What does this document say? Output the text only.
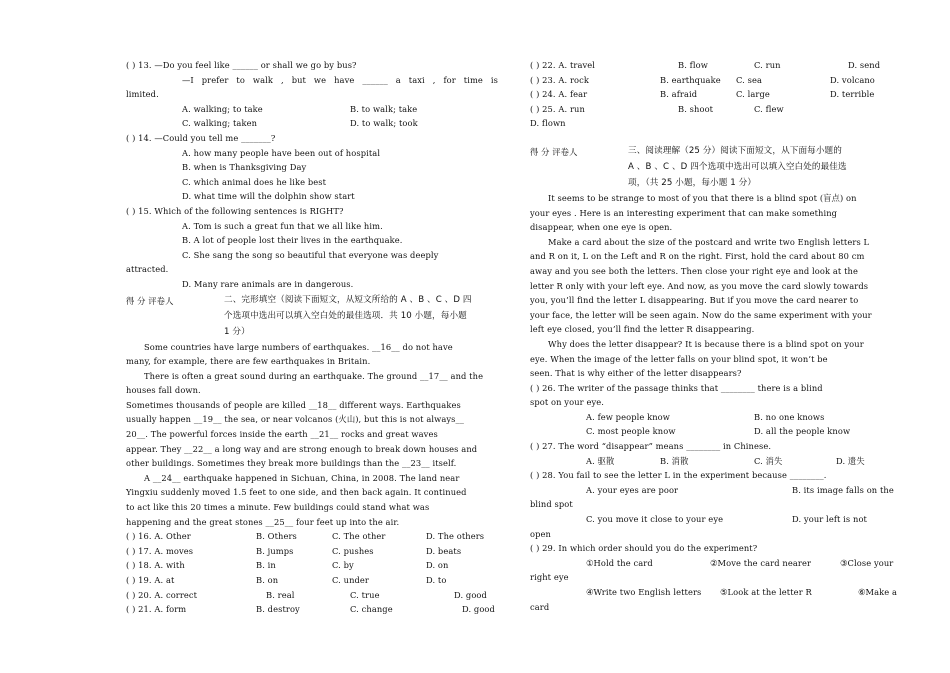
( ) 13. —Do you feel like ______ or shall we go by bus?
—I prefer to walk , but we have ______ a taxi , for time is
limited.
A. walking; to take	B. to walk; take
C. walking; taken	D. to walk; took
( ) 14. —Could you tell me _______?
A. how many people have been out of hospital
B. when is Thanksgiving Day
C. which animal does he like best
D. what time will the dolphin show start
( ) 15. Which of the following sentences is RIGHT?
A. Tom is such a great fun that we all like him.
B. A lot of people lost their lives in the earthquake.
C. She sang the song so beautiful that everyone was deeply
attracted.
D. Many rare animals are in dangerous.
得 分 评卷人	二、完形填空（阅读下面短文，从短文所给的 A 、B 、C 、D 四
个选项中选出可以填入空白处的最佳选项．共 10 小题，每小题
1 分）
Some countries have large numbers of earthquakes. __16__ do not have
many, for example, there are few earthquakes in Britain.
There is often a great sound during an earthquake. The ground __17__ and the
houses fall down.
Sometimes thousands of people are killed __18__ different ways. Earthquakes
usually happen __19__ the sea, or near volcanos (火山), but this is not always__
20__. The powerful forces inside the earth __21__ rocks and great waves
appear. They __22__ a long way and are strong enough to break down houses and
other buildings. Sometimes they break more buildings than the __23__ itself.
A __24__ earthquake happened in Sichuan, China, in 2008. The land near
Yingxiu suddenly moved 1.5 feet to one side, and then back again. It continued
to act like this 20 times a minute. Few buildings could stand what was
happening and the great stones __25__ four feet up into the air.
( ) 16. A. Other	B. Others	C. The other	D. The others
( ) 17. A. moves	B. jumps	C. pushes	D. beats
( ) 18. A. with	B. in	C. by	D. on
( ) 19. A. at	B. on	C. under	D. to
( ) 20. A. correct	B. real	C. true	D. good
( ) 21. A. form	B. destroy	C. change	D. good
( ) 22. A. travel	B. flow	C. run	D. send
( ) 23. A. rock	B. earthquake C. sea	D. volcano
( ) 24. A. fear	B. afraid	C. large	D. terrible
( ) 25. A. run	B. shoot	C. flew
D. flown
得 分 评卷人	三、阅读理解（25 分）阅读下面短文，从下面每小题的
A 、B 、C 、D 四个选项中选出可以填入空白处的最佳选
项，（共 25 小题，每小题 1 分）
It seems to be strange to most of you that there is a blind spot (盲点) on
your eyes . Here is an interesting experiment that can make something
disappear, when one eye is open.
Make a card about the size of the postcard and write two English letters L
and R on it, L on the Left and R on the right. First, hold the card about 80 cm
away and you see both the letters. Then close your right eye and look at the
letter R only with your left eye. And now, as you move the card slowly towards
you, you’ll find the letter L disappearing. But if you move the card nearer to
your face, the letter will be seen again. Now do the same experiment with your
left eye closed, you’ll find the letter R disappearing.
Why does the letter disappear? It is because there is a blind spot on your
eye. When the image of the letter falls on your blind spot, it won’t be
seen. That is why either of the letter disappears?
( ) 26. The writer of the passage thinks that ________ there is a blind
spot on your eye.
A. few people know	B. no one knows
C. most people know	D. all the people know
( ) 27. The word “disappear” means ________ in Chinese.
A. 驱散	B. 消散	C. 消失	D. 遗失
( ) 28. You fail to see the letter L in the experiment because ________.
A. your eyes are poor	B. its image falls on the
blind spot
C. you move it close to your eye	D. your left is not
open
( ) 29. In which order should you do the experiment?
①Hold the card	②Move the card nearer	③Close your
right eye
④Write two English letters ⑤Look at the letter R	⑥Make a
card
